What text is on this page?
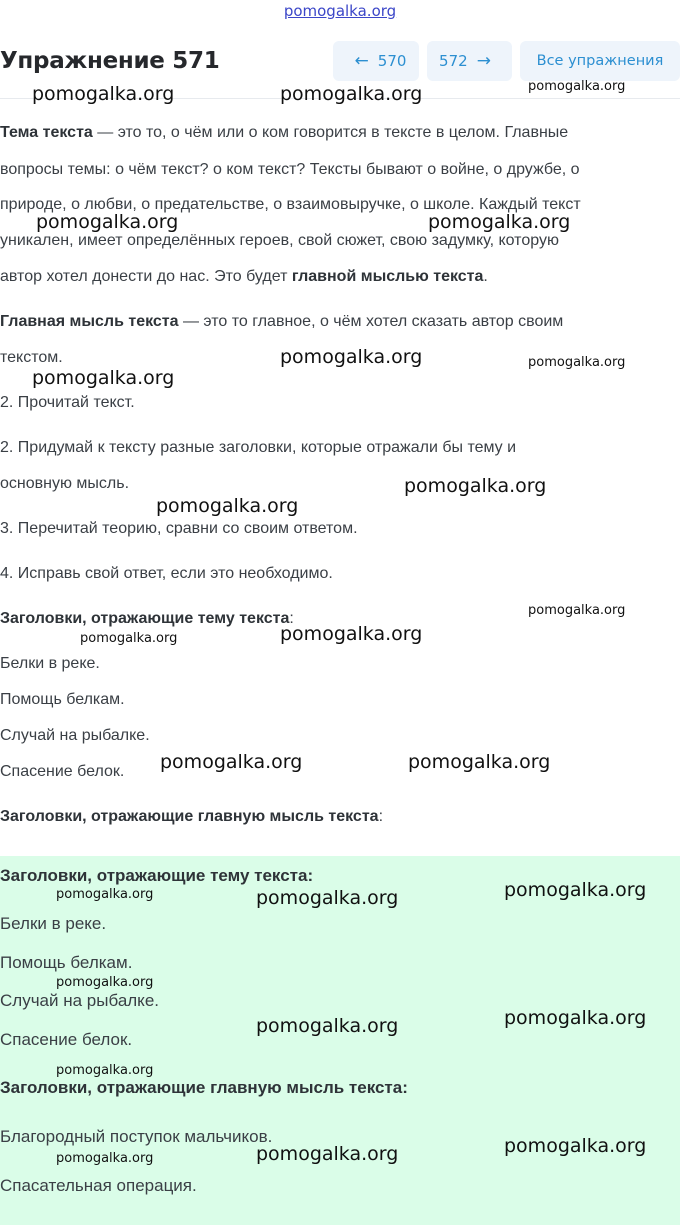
pomogalka.org
Упражнение 571	← 570 572 →	Все упражнения
Тема текста — это то, о чём или о ком говорится в тексте в целом. Главные
вопросы темы: о чём текст? о ком текст? Тексты бывают о войне, о дружбе, о
природе, о любви, о предательстве, о взаимовыручке, о школе. Каждый текст
уникален, имеет определённых героев, свой сюжет, свою задумку, которую
автор хотел донести до нас. Это будет главной мыслью текста.
Главная мысль текста — это то главное, о чём хотел сказать автор своим
текстом.
2. Прочитай текст.
2. Придумай к тексту разные заголовки, которые отражали бы тему и
основную мысль.
3. Перечитай теорию, сравни со своим ответом.
4. Исправь свой ответ, если это необходимо.
Заголовки, отражающие тему текста:
Белки в реке.
Помощь белкам.
Случай на рыбалке.
Спасение белок.
Заголовки, отражающие главную мысль текста:
Заголовки, отражающие тему текста:
Белки в реке.
Помощь белкам.
Случай на рыбалке.
Спасение белок.
Заголовки, отражающие главную мысль текста:
Благородный поступок мальчиков.
Спасательная операция.
pomogalka.org	pomogalka.org	pomogalka.org
pomogalka.org	pomogalka.org
pomogalka.org	pomogalka.org
pomogalka.org
pomogalka.org
pomogalka.org
pomogalka.org
pomogalka.org
pomogalka.org
pomogalka.org	pomogalka.org
pomogalka.org
pomogalka.org	pomogalka.org
pomogalka.org
pomogalka.org
pomogalka.org
pomogalka.org
pomogalka.org
pomogalka.org
pomogalka.org
